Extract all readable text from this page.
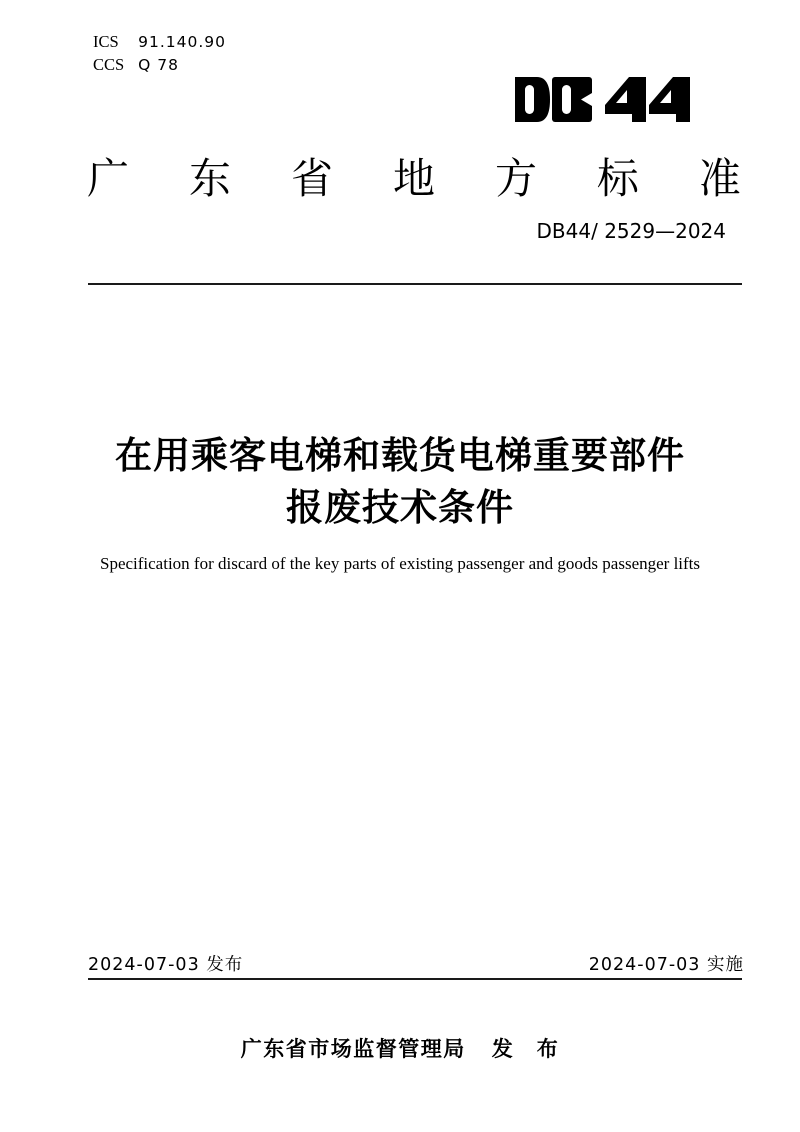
ICS 91.140.90
CCS Q 78
广 东 省 地 方 标 准
DB44/ 2529—2024
在用乘客电梯和载货电梯重要部件
报废技术条件
Specification for discard of the key parts of existing passenger and goods passenger lifts
2024-07-03 发布	2024-07-03 实施
广东省市场监督管理局 发　布
